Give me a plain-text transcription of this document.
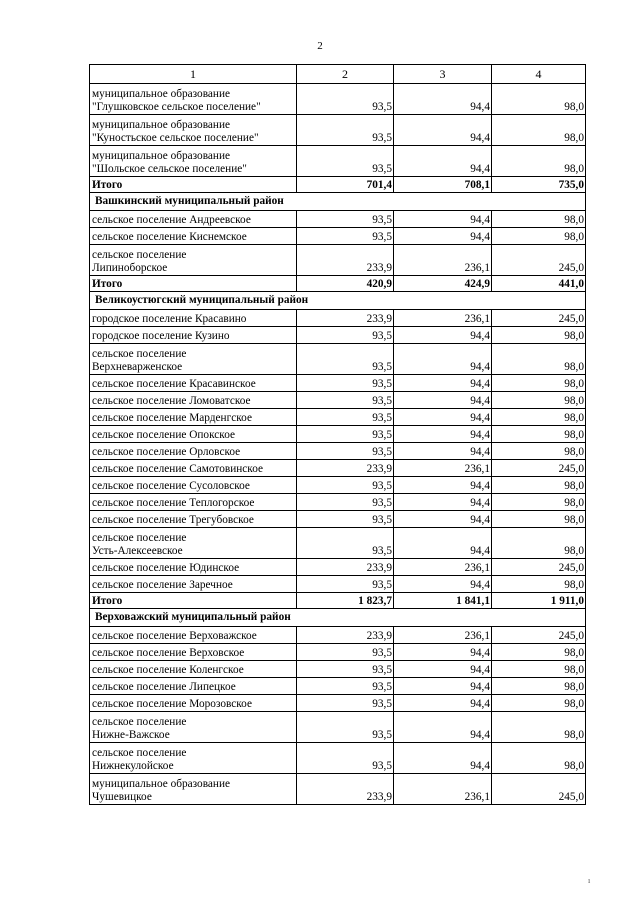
2
1	2	3	4

муниципальное образование
"Глушковское сельское поселение"	93,5	94,4	98,0

муниципальное образование
"Куностьское сельское поселение"	93,5	94,4	98,0

муниципальное образование
"Шольское сельское поселение"	93,5	94,4	98,0

Итого	701,4	708,1	735,0
Вашкинский муниципальный район			

сельское поселение Андреевское	93,5	94,4	98,0

сельское поселение Киснемское	93,5	94,4	98,0

сельское поселение
Липиноборское	233,9	236,1	245,0

Итого	420,9	424,9	441,0
Великоустюгский муниципальный район			

городское поселение Красавино	233,9	236,1	245,0

городское поселение Кузино	93,5	94,4	98,0

сельское поселение
Верхневарженское	93,5	94,4	98,0

сельское поселение Красавинское	93,5	94,4	98,0

сельское поселение Ломоватское	93,5	94,4	98,0

сельское поселение Марденгское	93,5	94,4	98,0

сельское поселение Опокское	93,5	94,4	98,0

сельское поселение Орловское	93,5	94,4	98,0

сельское поселение Самотовинское	233,9	236,1	245,0

сельское поселение Сусоловское	93,5	94,4	98,0

сельское поселение Теплогорское	93,5	94,4	98,0

сельское поселение Трегубовское	93,5	94,4	98,0

сельское поселение
Усть-Алексеевское	93,5	94,4	98,0

сельское поселение Юдинское	233,9	236,1	245,0

сельское поселение Заречное	93,5	94,4	98,0

Итого	1 823,7	1 841,1	1 911,0
Верховажский муниципальный район			

сельское поселение Верховажское	233,9	236,1	245,0

сельское поселение Верховское	93,5	94,4	98,0

сельское поселение Коленгское	93,5	94,4	98,0

сельское поселение Липецкое	93,5	94,4	98,0

сельское поселение Морозовское	93,5	94,4	98,0

сельское поселение
Нижне-Важское	93,5	94,4	98,0

сельское поселение
Нижнекулойское	93,5	94,4	98,0

муниципальное образование
Чушевицкое	233,9	236,1	245,0
ı
